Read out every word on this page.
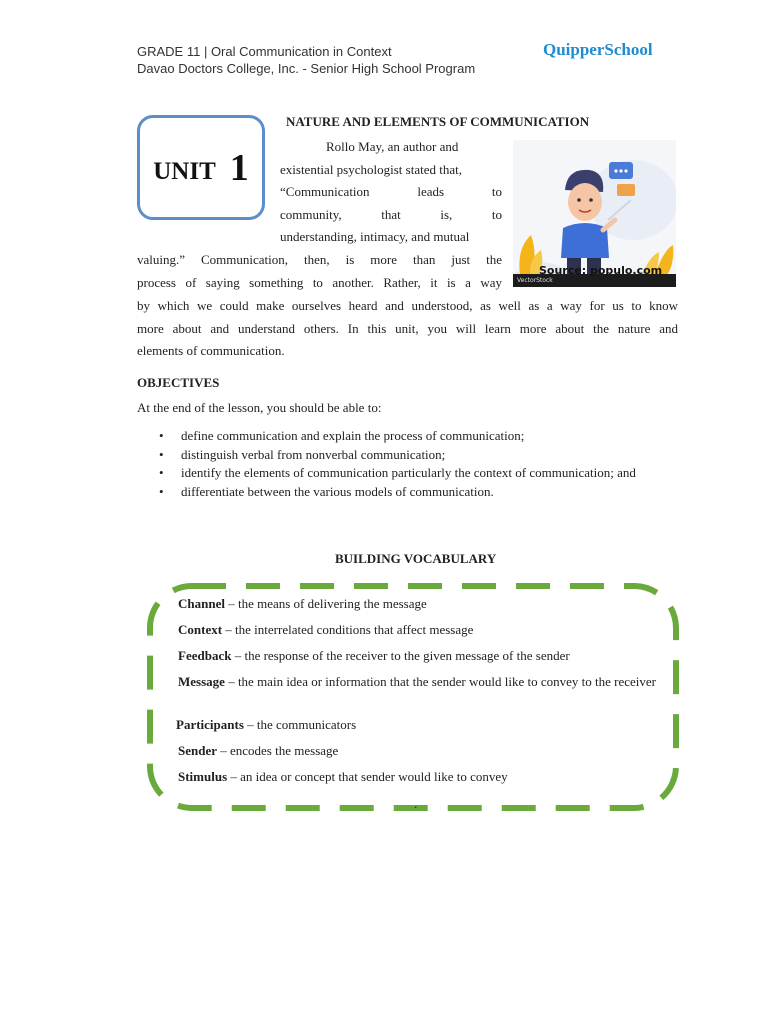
GRADE 11 | Oral Communication in Context
Davao Doctors College, Inc. - Senior High School Program
QuipperSchool
UNIT 1
NATURE AND ELEMENTS OF COMMUNICATION
Rollo May, an author and
existential psychologist stated that,
“Communication leads to
community, that is, to
understanding, intimacy, and mutual
valuing.” Communication, then, is more than just the
process of saying something to another. Rather, it is a way
by which we could make ourselves heard and understood, as well as a way for us to know
more about and understand others. In this unit, you will learn more about the nature and
elements of communication.
Source: populo.com
VectorStock
OBJECTIVES
At the end of the lesson, you should be able to:
• define communication and explain the process of communication;
• distinguish verbal from nonverbal communication;
• identify the elements of communication particularly the context of communication; and
• differentiate between the various models of communication.
BUILDING VOCABULARY
Channel – the means of delivering the message
Context – the interrelated conditions that affect message
Feedback – the response of the receiver to the given message of the sender
Message – the main idea or information that the sender would like to convey to the receiver
Participants – the communicators
Sender – encodes the message
Stimulus – an idea or concept that sender would like to convey
.
